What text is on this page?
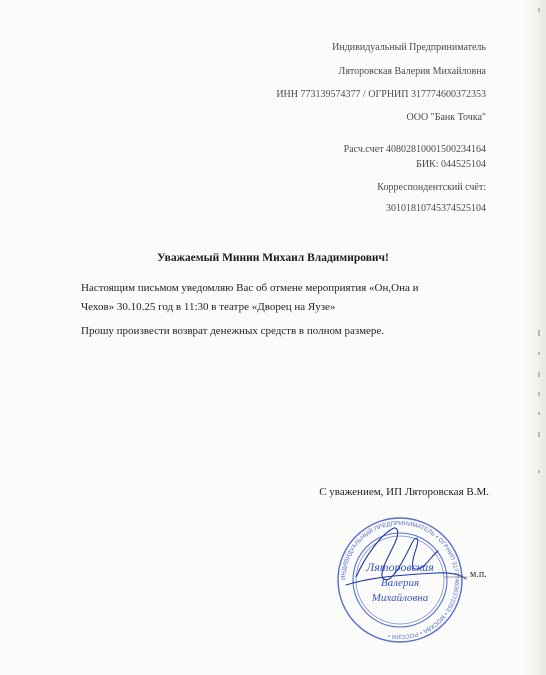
Индивидуальный Предприниматель
Ляторовская Валерия Михайловна
ИНН 773139574377 / ОГРНИП 317774600372353
ООО "Банк Точка"
Расч.счет 40802810001500234164
БИК: 044525104
Корреспондентский счёт:
30101810745374525104
Уважаемый Минин Михаил Владимирович!
Настоящим письмом уведомляю Вас об отмене мероприятия «Он,Она и
Чехов» 30.10.25 год в 11:30 в театре «Дворец на Яузе»
Прошу произвести возврат денежных средств в полном размере.
С уважением, ИП Ляторовская В.М.
ИНДИВИДУАЛЬНЫЙ ПРЕДПРИНИМАТЕЛЬ • ОГРНИП 317774600372353 • МОСКВА • РОССИЯ •
Ляторовская
Валерия
Михайловна
м.п.
